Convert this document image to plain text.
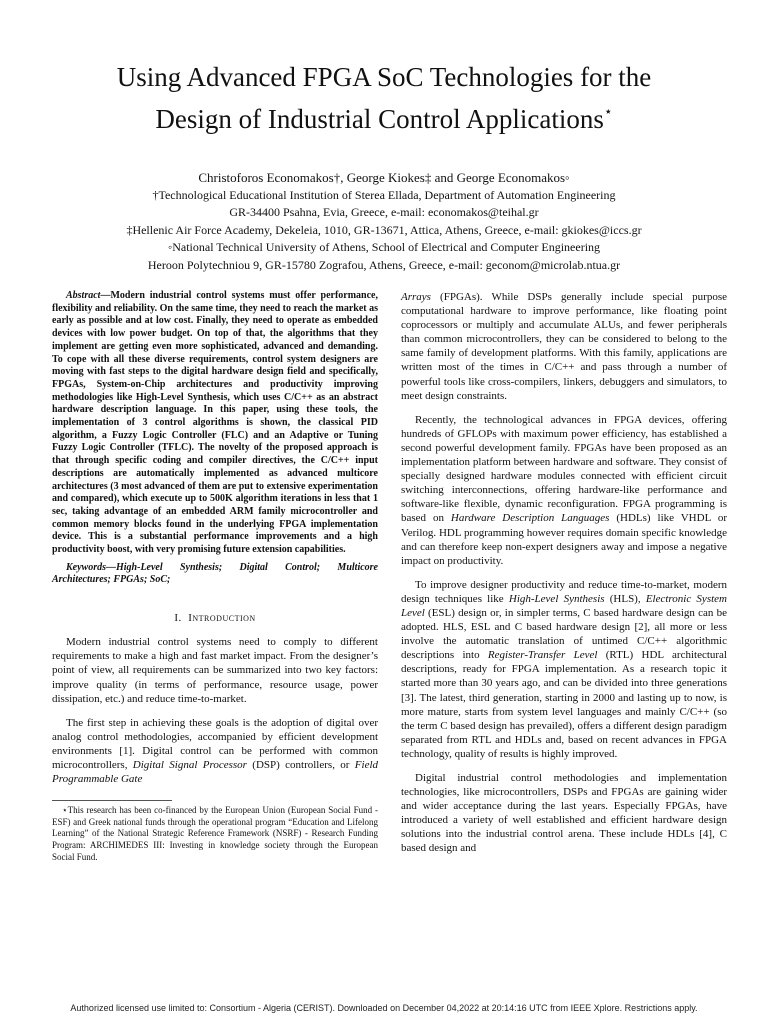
Using Advanced FPGA SoC Technologies for the
Design of Industrial Control Applications⋆
Christoforos Economakos†, George Kiokes‡ and George Economakos◦
†Technological Educational Institution of Sterea Ellada, Department of Automation Engineering
GR-34400 Psahna, Evia, Greece, e-mail: economakos@teihal.gr
‡Hellenic Air Force Academy, Dekeleia, 1010, GR-13671, Attica, Athens, Greece, e-mail: gkiokes@iccs.gr
◦National Technical University of Athens, School of Electrical and Computer Engineering
Heroon Polytechniou 9, GR-15780 Zografou, Athens, Greece, e-mail: geconom@microlab.ntua.gr

Abstract—Modern industrial control systems must offer performance, flexibility and reliability. On the same time, they need to reach the market as early as possible and at low cost. Finally, they need to operate as embedded devices with low power budget. On top of that, the algorithms that they implement are getting even more sophisticated, advanced and demanding. To cope with all these diverse requirements, control system designers are moving with fast steps to the digital hardware design field and specifically, FPGAs, System-on-Chip architectures and productivity improving methodologies like High-Level Synthesis, which uses C/C++ as an abstract hardware description language. In this paper, using these tools, the implementation of 3 control algorithms is shown, the classical PID algorithm, a Fuzzy Logic Controller (FLC) and an Adaptive or Tuning Fuzzy Logic Controller (TFLC). The novelty of the proposed approach is that through specific coding and compiler directives, the C/C++ input descriptions are automatically implemented as advanced multicore architectures (3 most advanced of them are put to extensive experimentation and compared), which execute up to 500K algorithm iterations in less that 1 sec, taking advantage of an embedded ARM family microcontroller and common memory blocks found in the underlying FPGA implementation device. This is a substantial performance improvements and a high productivity boost, with very promising future extension capabilities.

Keywords—High-Level Synthesis; Digital Control; Multicore Architectures; FPGAs; SoC;

I. Introduction

Modern industrial control systems need to comply to different requirements to make a high and fast market impact. From the designer’s point of view, all requirements can be summarized into two key factors: improve quality (in terms of performance, resource usage, power dissipation, etc.) and reduce time-to-market.

The first step in achieving these goals is the adoption of digital over analog control methodologies, accompanied by efficient development environments [1]. Digital control can be performed with common microcontrollers, Digital Signal Processor (DSP) controllers, or Field Programmable Gate

⋆This research has been co-financed by the European Union (European Social Fund - ESF) and Greek national funds through the operational program “Education and Lifelong Learning” of the National Strategic Reference Framework (NSRF) - Research Funding Program: ARCHIMEDES III: Investing in knowledge society through the European Social Fund.

Arrays (FPGAs). While DSPs generally include special purpose computational hardware to improve performance, like floating point coprocessors or multiply and accumulate ALUs, and fewer peripherals than common microcontrollers, they can be considered to belong to the same family of development platforms. With this family, applications are written most of the times in C/C++ and pass through a number of powerful tools like cross-compilers, linkers, debuggers and simulators, to meet design constraints.

Recently, the technological advances in FPGA devices, offering hundreds of GFLOPs with maximum power efficiency, has established a second powerful development family. FPGAs have been proposed as an implementation platform between hardware and software. They consist of specially designed hardware modules connected with efficient circuit switching interconnections, offering hardware-like performance and software-like flexible, dynamic reconfiguration. FPGA programming is based on Hardware Description Languages (HDLs) like VHDL or Verilog. HDL programming however requires domain specific knowledge and can therefore keep non-expert designers away and impose a negative impact on productivity.

To improve designer productivity and reduce time-to-market, modern design techniques like High-Level Synthesis (HLS), Electronic System Level (ESL) design or, in simpler terms, C based hardware design can be adopted. HLS, ESL and C based hardware design [2], all more or less involve the automatic translation of untimed C/C++ algorithmic descriptions into Register-Transfer Level (RTL) HDL architectural descriptions, ready for FPGA implementation. As a research topic it started more than 30 years ago, and can be divided into three generations [3]. The latest, third generation, starting in 2000 and lasting up to now, is more mature, starts from system level languages and mainly C/C++ (so the term C based design has prevailed), offers a different design paradigm separated from RTL and HDLs and, based on recent advances in FPGA technology, quality of results is highly improved.

Digital industrial control methodologies and implementation technologies, like microcontrollers, DSPs and FPGAs are gaining wider and wider acceptance during the last years. Especially FPGAs, have introduced a variety of well established and efficient hardware design solutions into the industrial control arena. These include HDLs [4], C based design and

Authorized licensed use limited to: Consortium - Algeria (CERIST). Downloaded on December 04,2022 at 20:14:16 UTC from IEEE Xplore. Restrictions apply.
